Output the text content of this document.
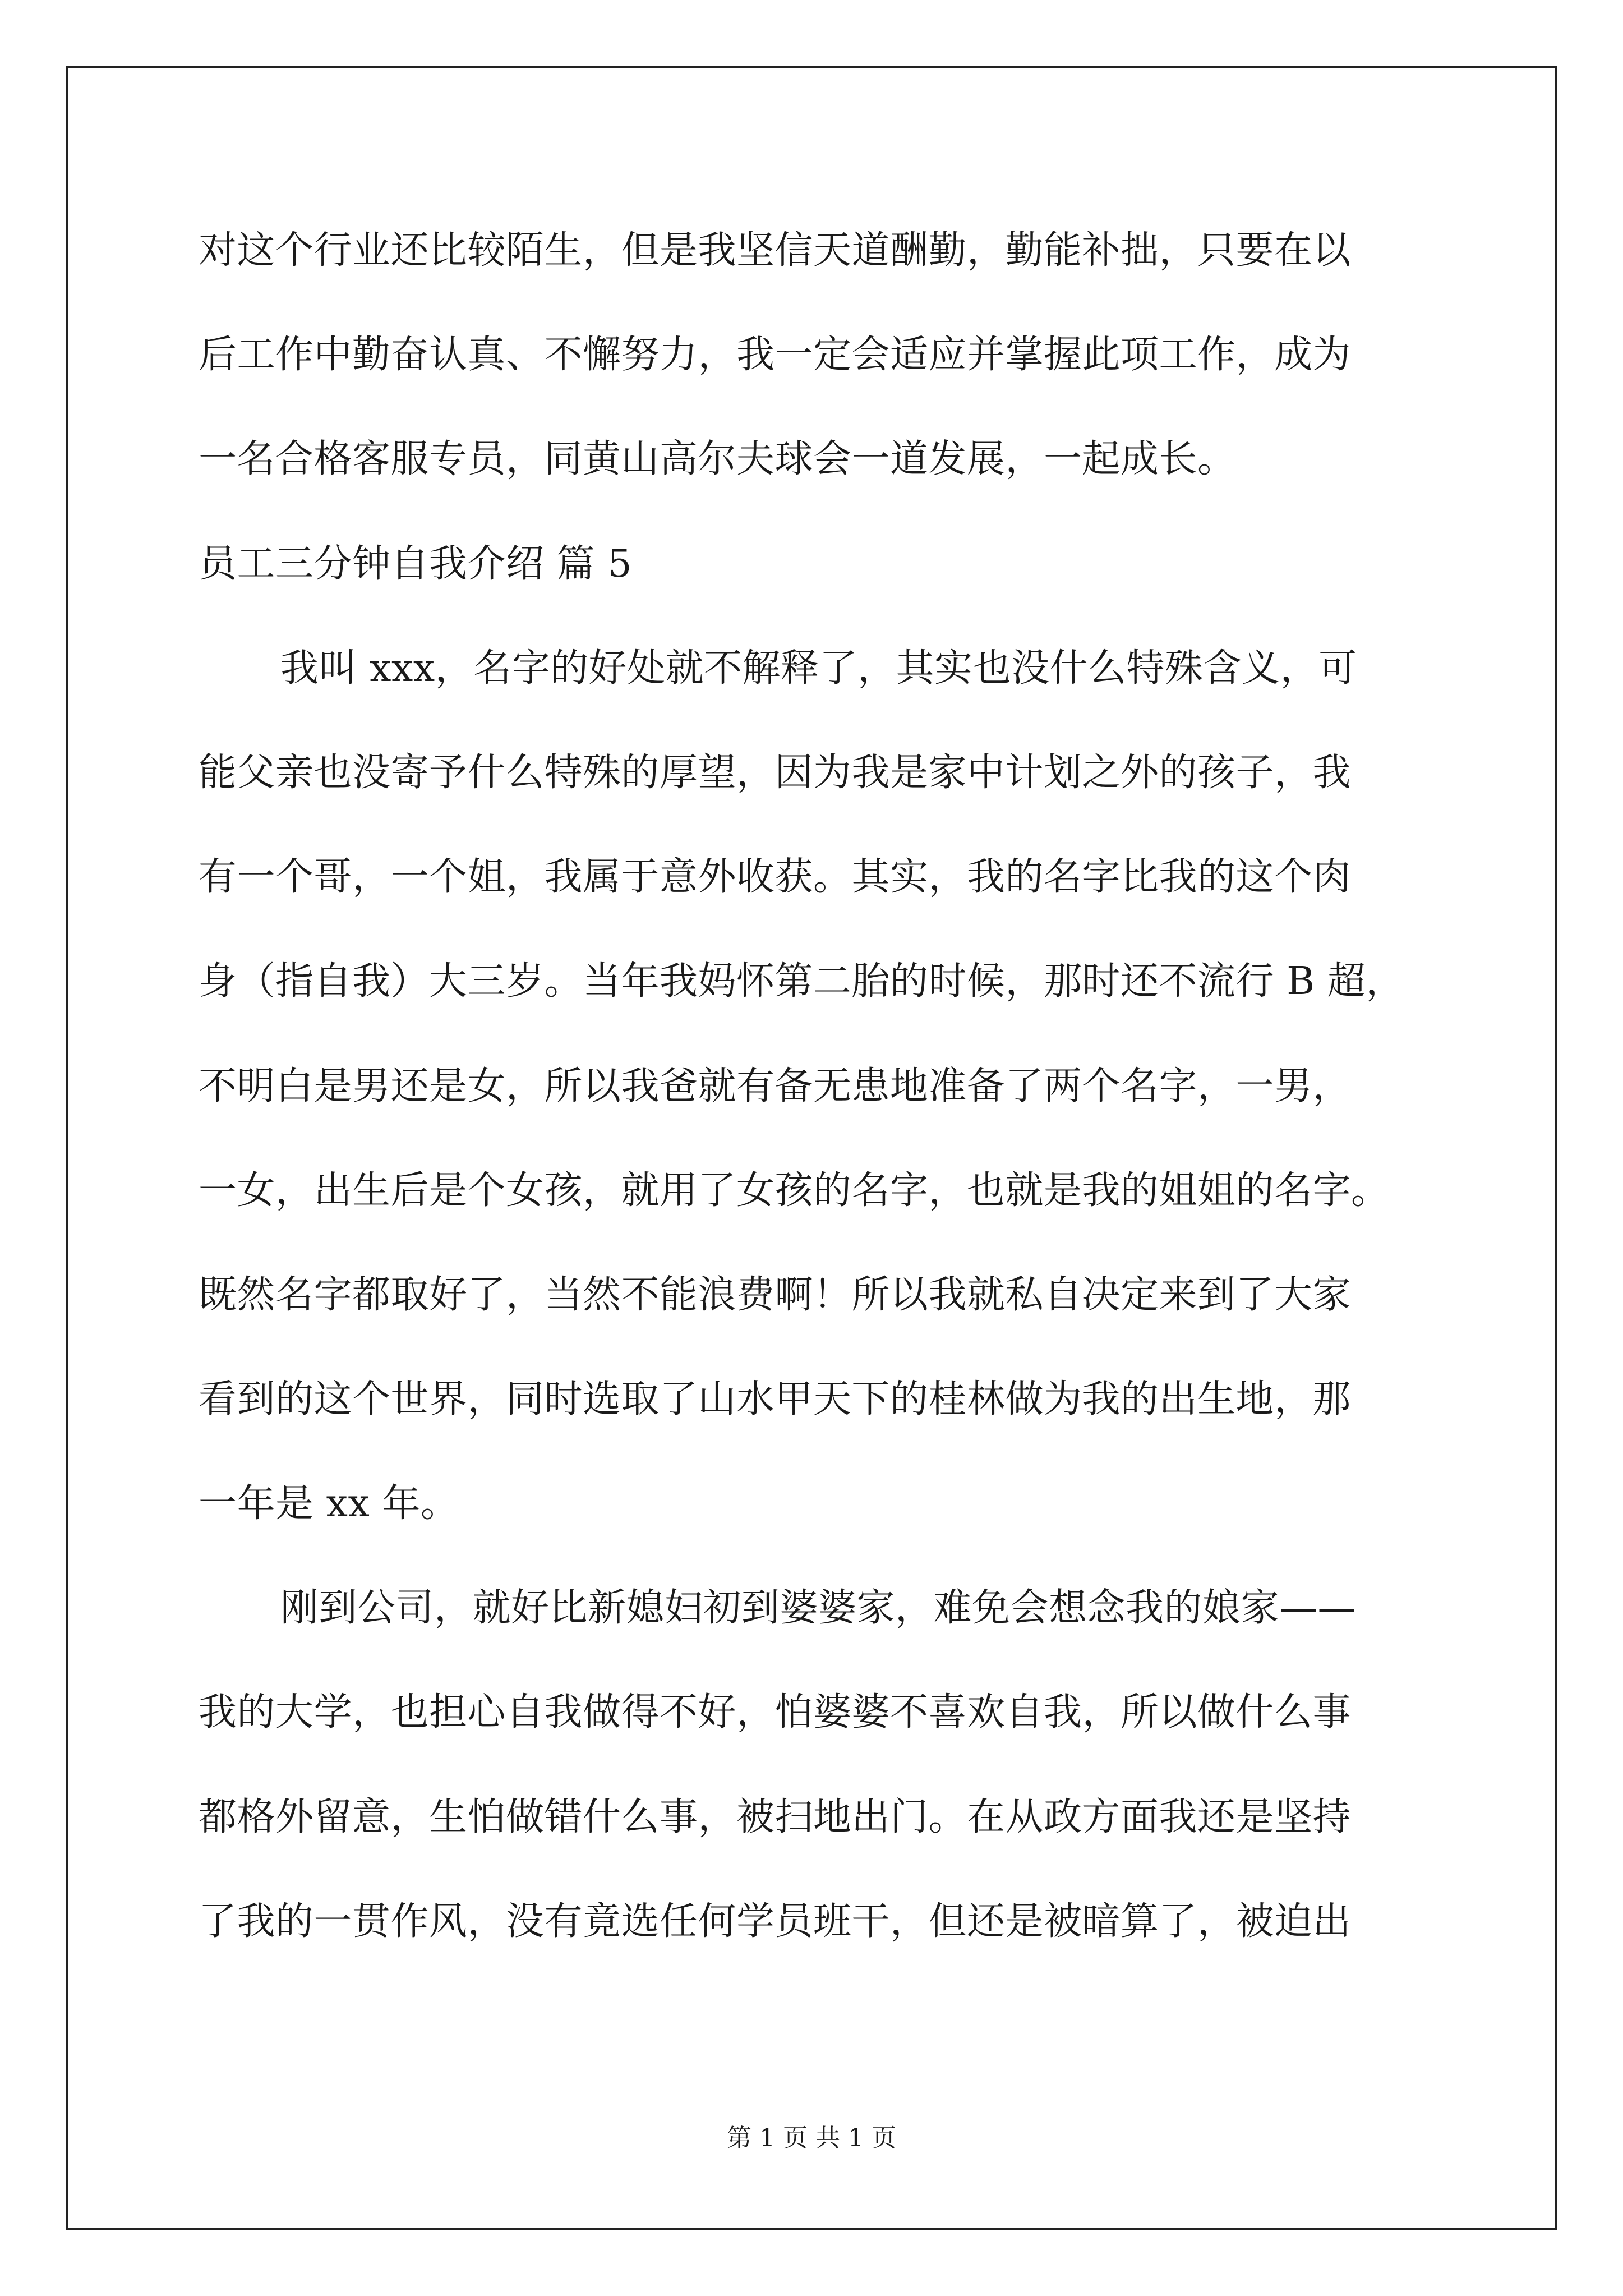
对这个行业还比较陌生，但是我坚信天道酬勤，勤能补拙，只要在以
后工作中勤奋认真、不懈努力，我一定会适应并掌握此项工作，成为
一名合格客服专员，同黄山高尔夫球会一道发展，一起成长。
员工三分钟自我介绍 篇 5
我叫 xxx，名字的好处就不解释了，其实也没什么特殊含义，可
能父亲也没寄予什么特殊的厚望，因为我是家中计划之外的孩子，我
有一个哥，一个姐，我属于意外收获。其实，我的名字比我的这个肉
身（指自我）大三岁。当年我妈怀第二胎的时候，那时还不流行 B 超，
不明白是男还是女，所以我爸就有备无患地准备了两个名字，一男，
一女，出生后是个女孩，就用了女孩的名字，也就是我的姐姐的名字。
既然名字都取好了，当然不能浪费啊！所以我就私自决定来到了大家
看到的这个世界，同时选取了山水甲天下的桂林做为我的出生地，那
一年是 xx 年。
刚到公司，就好比新媳妇初到婆婆家，难免会想念我的娘家——
我的大学，也担心自我做得不好，怕婆婆不喜欢自我，所以做什么事
都格外留意，生怕做错什么事，被扫地出门。在从政方面我还是坚持
了我的一贯作风，没有竟选任何学员班干，但还是被暗算了，被迫出
第 1 页 共 1 页
